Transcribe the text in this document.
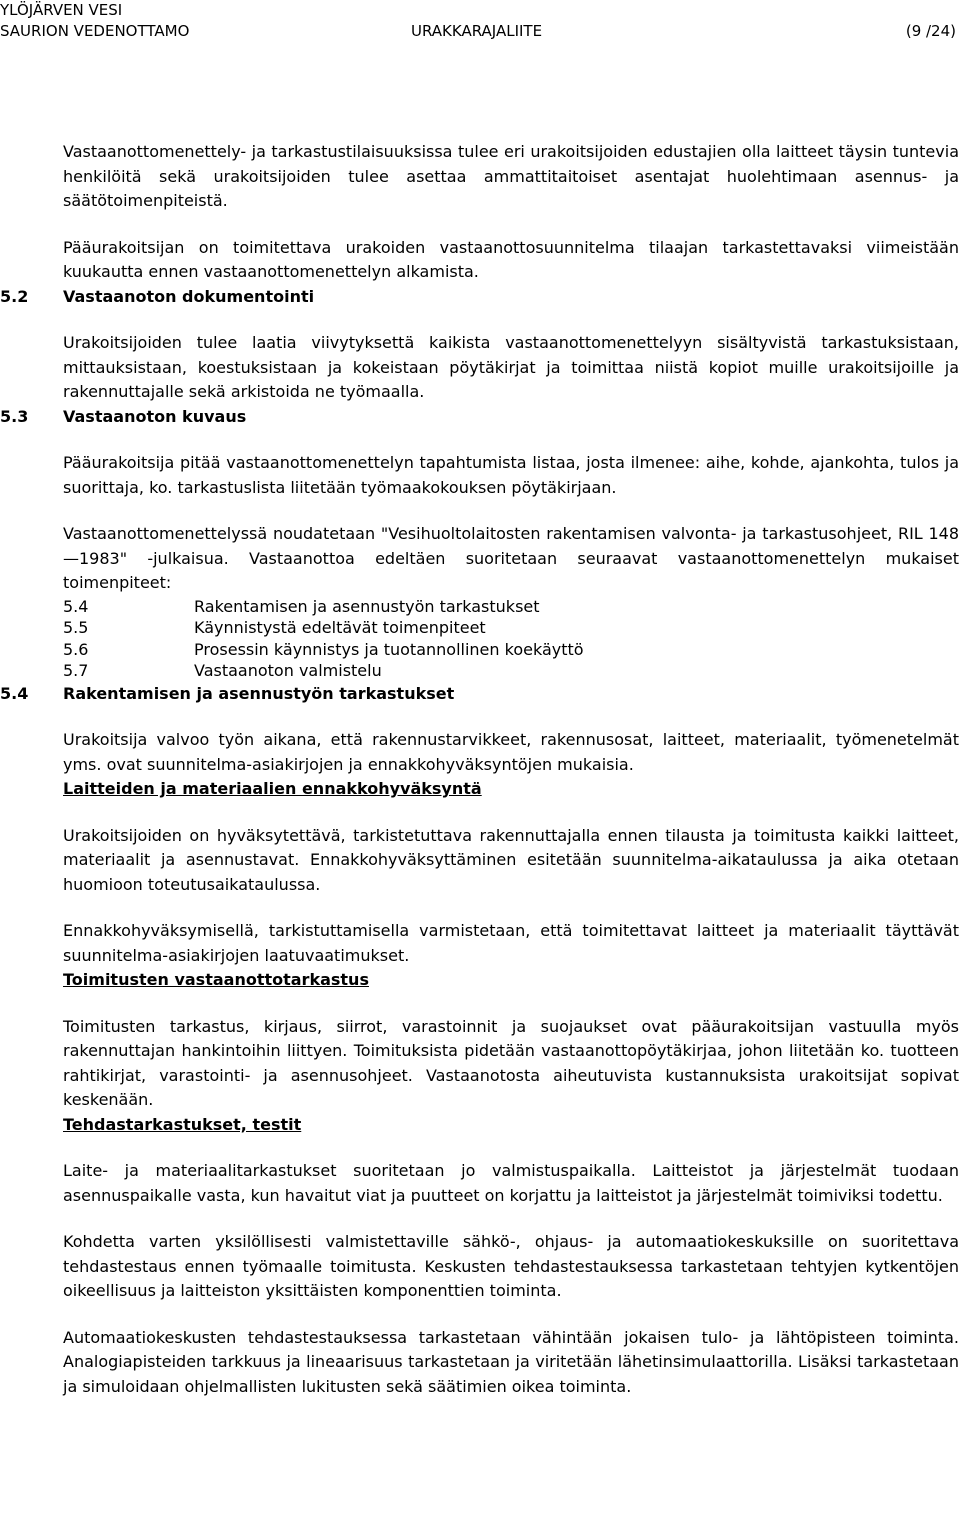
YLÖJÄRVEN VESI
SAURION VEDENOTTAMO	URAKKARAJALIITE	(9 /24)

Vastaanottomenettely- ja tarkastustilaisuuksissa tulee eri urakoitsijoiden edustajien olla laitteet täysin tuntevia henkilöitä sekä urakoitsijoiden tulee asettaa ammattitaitoiset asentajat huolehtimaan asennus- ja säätötoimenpiteistä.

Pääurakoitsijan on toimitettava urakoiden vastaanottosuunnitelma tilaajan tarkastettavaksi viimeistään kuukautta ennen vastaanottomenettelyn alkamista.

5.2 Vastaanoton dokumentointi

Urakoitsijoiden tulee laatia viivytyksettä kaikista vastaanottomenettelyyn sisältyvistä tarkastuksistaan, mittauksistaan, koestuksistaan ja kokeistaan pöytäkirjat ja toimittaa niistä kopiot muille urakoitsijoille ja rakennuttajalle sekä arkistoida ne työmaalla.

5.3 Vastaanoton kuvaus

Pääurakoitsija pitää vastaanottomenettelyn tapahtumista listaa, josta ilmenee: aihe, kohde, ajankohta, tulos ja suorittaja, ko. tarkastuslista liitetään työmaakokouksen pöytäkirjaan.

Vastaanottomenettelyssä noudatetaan "Vesihuoltolaitosten rakentamisen valvonta- ja tarkastusohjeet, RIL 148—1983" -julkaisua. Vastaanottoa edeltäen suoritetaan seuraavat vastaanottomenettelyn mukaiset toimenpiteet:

5.4	Rakentamisen ja asennustyön tarkastukset
5.5	Käynnistystä edeltävät toimenpiteet
5.6	Prosessin käynnistys ja tuotannollinen koekäyttö
5.7	Vastaanoton valmistelu
5.4 Rakentamisen ja asennustyön tarkastukset

Urakoitsija valvoo työn aikana, että rakennustarvikkeet, rakennusosat, laitteet, materiaalit, työmenetelmät yms. ovat suunnitelma-asiakirjojen ja ennakkohyväksyntöjen mukaisia.

Laitteiden ja materiaalien ennakkohyväksyntä

Urakoitsijoiden on hyväksytettävä, tarkistetuttava rakennuttajalla ennen tilausta ja toimitusta kaikki laitteet, materiaalit ja asennustavat. Ennakkohyväksyttäminen esitetään suunnitelma-aikataulussa ja aika otetaan huomioon toteutusaikataulussa.

Ennakkohyväksymisellä, tarkistuttamisella varmistetaan, että toimitettavat laitteet ja materiaalit täyttävät suunnitelma-asiakirjojen laatuvaatimukset.

Toimitusten vastaanottotarkastus

Toimitusten tarkastus, kirjaus, siirrot, varastoinnit ja suojaukset ovat pääurakoitsijan vastuulla myös rakennuttajan hankintoihin liittyen. Toimituksista pidetään vastaanottopöytäkirjaa, johon liitetään ko. tuotteen rahtikirjat, varastointi- ja asennusohjeet. Vastaanotosta aiheutuvista kustannuksista urakoitsijat sopivat keskenään.

Tehdastarkastukset, testit

Laite- ja materiaalitarkastukset suoritetaan jo valmistuspaikalla. Laitteistot ja järjestelmät tuodaan asennuspaikalle vasta, kun havaitut viat ja puutteet on korjattu ja laitteistot ja järjestelmät toimiviksi todettu.

Kohdetta varten yksilöllisesti valmistettaville sähkö-, ohjaus- ja automaatiokeskuksille on suoritettava tehdastestaus ennen työmaalle toimitusta. Keskusten tehdastestauksessa tarkastetaan tehtyjen kytkentöjen oikeellisuus ja laitteiston yksittäisten komponenttien toiminta.

Automaatiokeskusten tehdastestauksessa tarkastetaan vähintään jokaisen tulo- ja lähtöpisteen toiminta. Analogiapisteiden tarkkuus ja lineaarisuus tarkastetaan ja viritetään lähetinsimulaattorilla. Lisäksi tarkastetaan ja simuloidaan ohjelmallisten lukitusten sekä säätimien oikea toiminta.
